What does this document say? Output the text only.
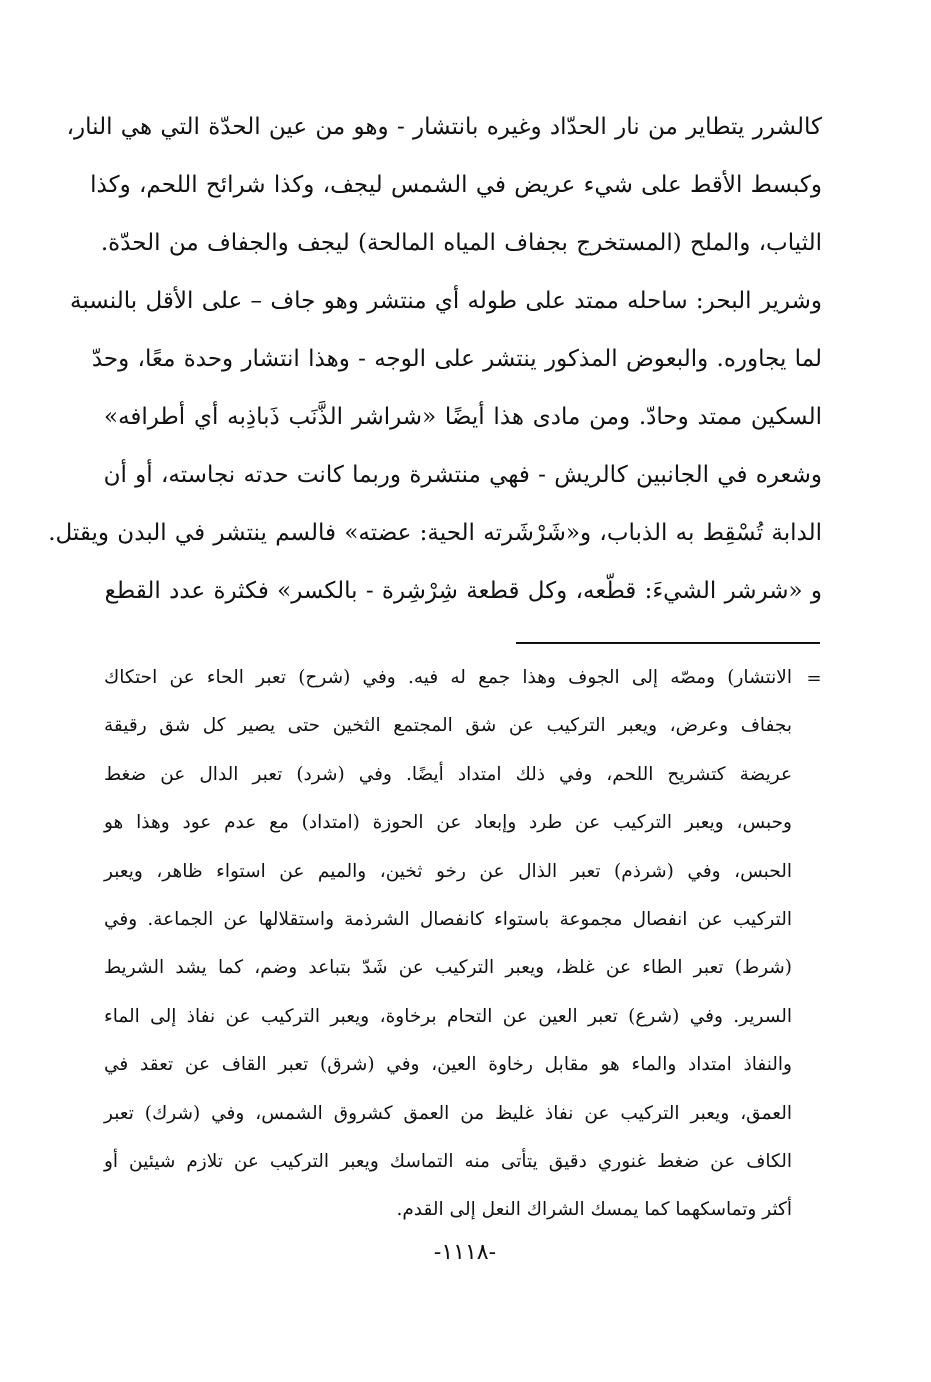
كالشرر يتطاير من نار الحدّاد وغيره بانتشار - وهو من عين الحدّة التي هي النار،

وكبسط الأقط على شيء عريض في الشمس ليجف، وكذا شرائح اللحم، وكذا

الثياب، والملح (المستخرج بجفاف المياه المالحة) ليجف والجفاف من الحدّة.

وشرير البحر: ساحله ممتد على طوله أي منتشر وهو جاف – على الأقل بالنسبة

لما يجاوره. والبعوض المذكور ينتشر على الوجه - وهذا انتشار وحدة معًا، وحدّ

السكين ممتد وحادّ. ومن مادى هذا أيضًا «شراشر الذَّنَب ذَباذِبه أي أطرافه»

وشعره في الجانبين كالريش - فهي منتشرة وربما كانت حدته نجاسته، أو أن

الدابة تُسْقِط به الذباب، و«شَرْشَرته الحية: عضته» فالسم ينتشر في البدن ويقتل.

و «شرشر الشيءَ: قطّعه، وكل قطعة شِرْشِرة - بالكسر» فكثرة عدد القطع

=

الانتشار) ومصّه إلى الجوف وهذا جمع له فيه. وفي (شرح) تعبر الحاء عن احتكاك

بجفاف وعرض، ويعبر التركيب عن شق المجتمع الثخين حتى يصير كل شق رقيقة

عريضة كتشريح اللحم، وفي ذلك امتداد أيضًا. وفي (شرد) تعبر الدال عن ضغط

وحبس، ويعبر التركيب عن طرد وإبعاد عن الحوزة (امتداد) مع عدم عود وهذا هو

الحبس، وفي (شرذم) تعبر الذال عن رخو ثخين، والميم عن استواء ظاهر، ويعبر

التركيب عن انفصال مجموعة باستواء كانفصال الشرذمة واستقلالها عن الجماعة. وفي

(شرط) تعبر الطاء عن غلظ، ويعبر التركيب عن شَدّ بتباعد وضم، كما يشد الشريط

السرير. وفي (شرع) تعبر العين عن التحام برخاوة، ويعبر التركيب عن نفاذ إلى الماء

والنفاذ امتداد والماء هو مقابل رخاوة العين، وفي (شرق) تعبر القاف عن تعقد في

العمق، ويعبر التركيب عن نفاذ غليظ من العمق كشروق الشمس، وفي (شرك) تعبر

الكاف عن ضغط غنوري دقيق يتأتى منه التماسك ويعبر التركيب عن تلازم شيئين أو

أكثر وتماسكهما كما يمسك الشراك النعل إلى القدم.

-١١١٨-
